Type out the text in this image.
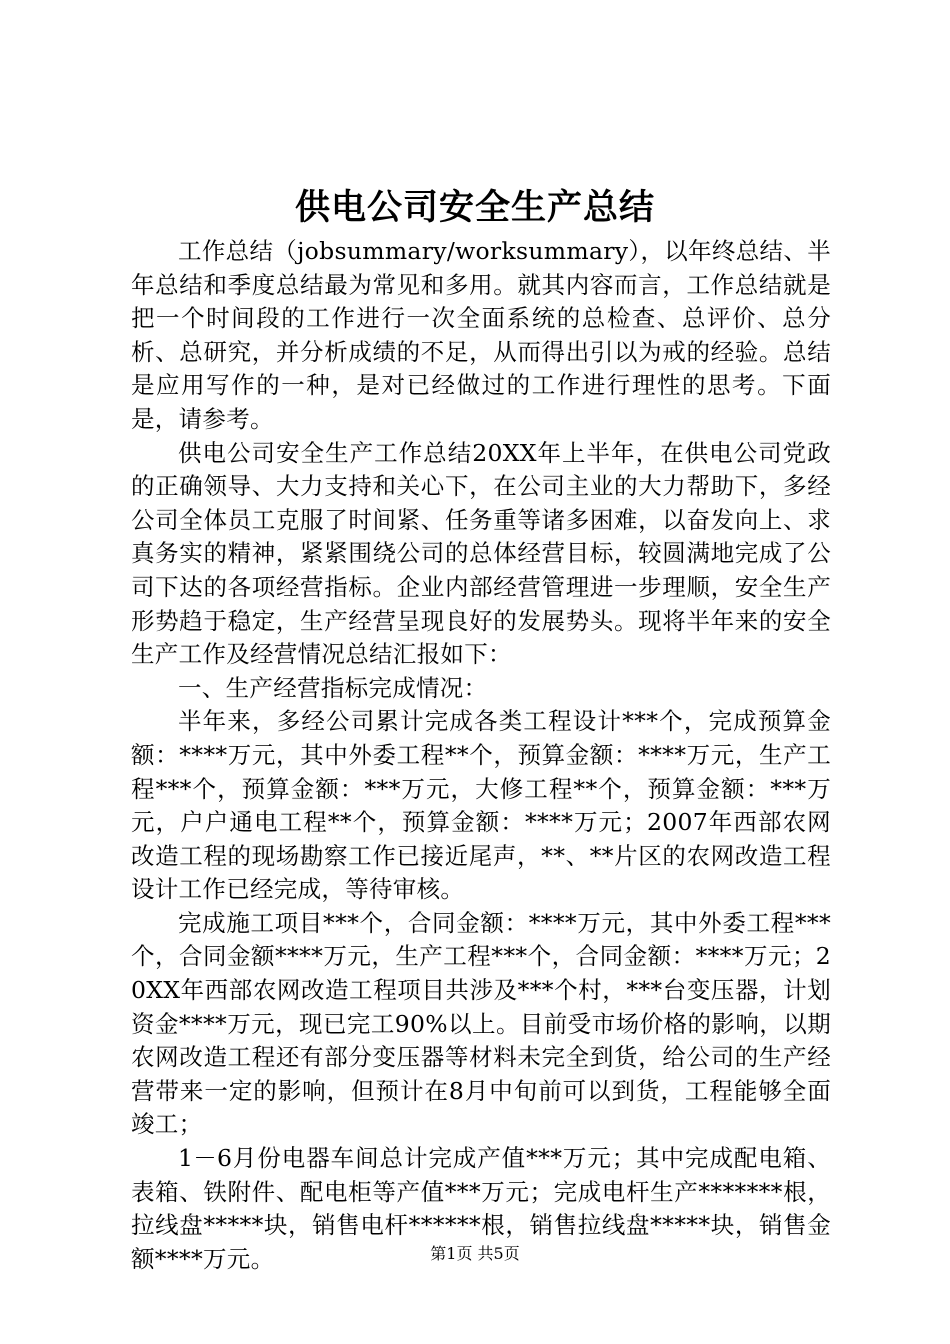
供电公司安全生产总结

工作总结（jobsummary/worksummary），以年终总结、半年总结和季度总结最为常见和多用。就其内容而言，工作总结就是把一个时间段的工作进行一次全面系统的总检查、总评价、总分析、总研究，并分析成绩的不足，从而得出引以为戒的经验。总结是应用写作的一种，是对已经做过的工作进行理性的思考。下面是，请参考。

供电公司安全生产工作总结20XX年上半年，在供电公司党政的正确领导、大力支持和关心下，在公司主业的大力帮助下，多经公司全体员工克服了时间紧、任务重等诸多困难，以奋发向上、求真务实的精神，紧紧围绕公司的总体经营目标，较圆满地完成了公司下达的各项经营指标。企业内部经营管理进一步理顺，安全生产形势趋于稳定，生产经营呈现良好的发展势头。现将半年来的安全生产工作及经营情况总结汇报如下：

一、生产经营指标完成情况：

半年来，多经公司累计完成各类工程设计***个，完成预算金额：****万元，其中外委工程**个，预算金额：****万元，生产工程***个，预算金额：***万元，大修工程**个，预算金额：***万元，户户通电工程**个，预算金额：****万元；2007年西部农网改造工程的现场勘察工作已接近尾声，**、**片区的农网改造工程设计工作已经完成，等待审核。

完成施工项目***个，合同金额：****万元，其中外委工程***个，合同金额****万元，生产工程***个，合同金额：****万元；20XX年西部农网改造工程项目共涉及***个村，***台变压器，计划资金****万元，现已完工90%以上。目前受市场价格的影响，以期农网改造工程还有部分变压器等材料未完全到货，给公司的生产经营带来一定的影响，但预计在8月中旬前可以到货，工程能够全面竣工；

1－6月份电器车间总计完成产值***万元；其中完成配电箱、表箱、铁附件、配电柜等产值***万元；完成电杆生产*******根，拉线盘*****块，销售电杆******根，销售拉线盘*****块，销售金额****万元。	第1页 共5页
